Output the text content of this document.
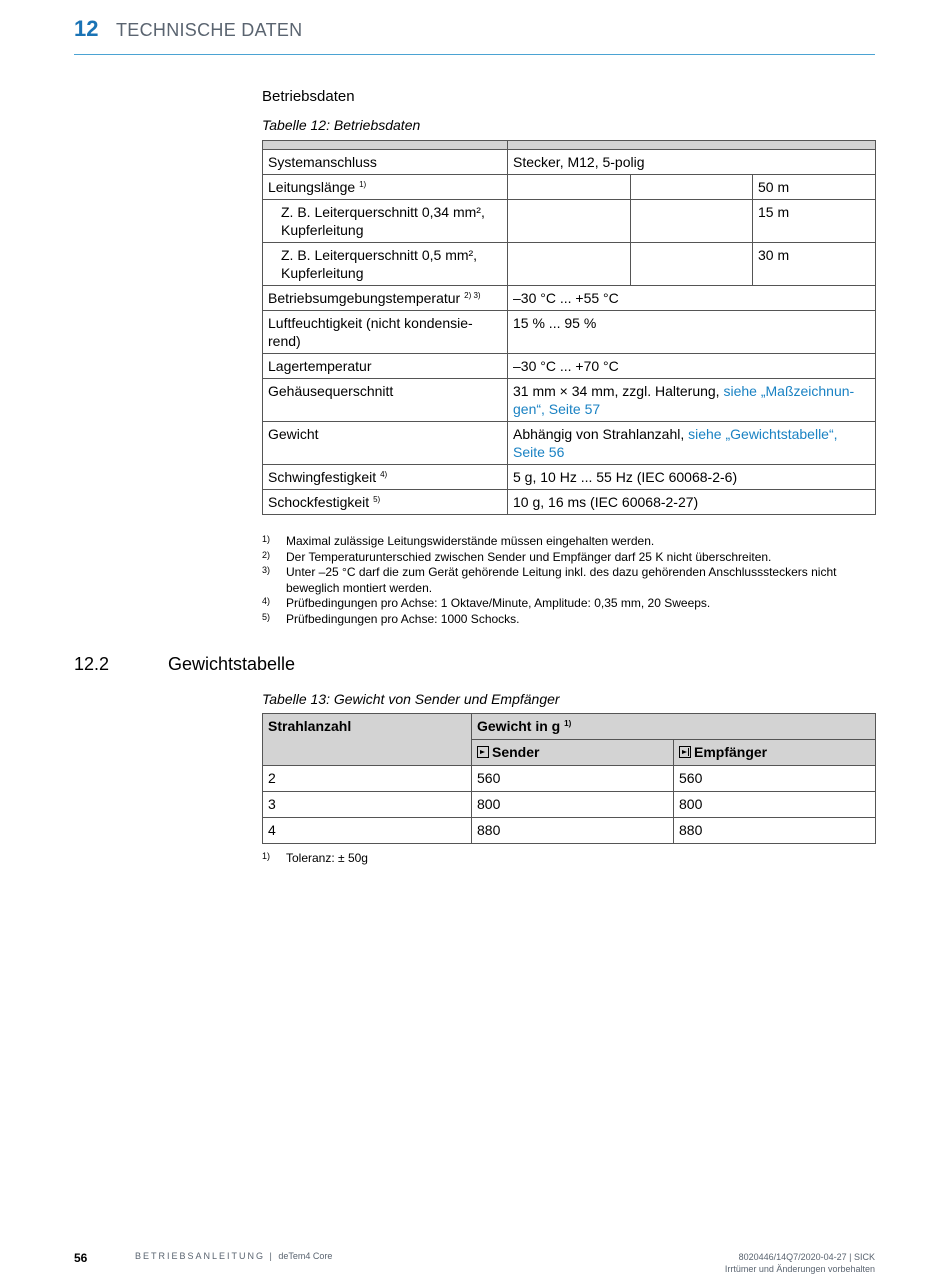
12 TECHNISCHE DATEN
Betriebsdaten
Tabelle 12: Betriebsdaten

Systemanschluss	Stecker, M12, 5-polig		
Leitungslänge $^{1)}$			50 m
Z. B. Leiterquerschnitt 0,34 mm², Kupferleitung			15 m
Z. B. Leiterquerschnitt 0,5 mm², Kupferleitung			30 m
Betriebsumgebungstemperatur $^{2) 3)}$	–30 °C ... +55 °C		
Luftfeuchtigkeit (nicht kondensie-rend)	15 % ... 95 %		
Lagertemperatur	–30 °C ... +70 °C		
Gehäusequerschnitt	31 mm × 34 mm, zzgl. Halterung, siehe „Maßzeichnun-gen“, Seite 57		
Gewicht	Abhängig von Strahlanzahl, siehe „Gewichtstabelle“, Seite 56		
Schwingfestigkeit $^{4)}$	5 g, 10 Hz ... 55 Hz (IEC 60068-2-6)		
Schockfestigkeit $^{5)}$	10 g, 16 ms (IEC 60068-2-27)		
1)	Maximal zulässige Leitungswiderstände müssen eingehalten werden.
2)	Der Temperaturunterschied zwischen Sender und Empfänger darf 25 K nicht überschreiten.
3)	Unter –25 °C darf die zum Gerät gehörende Leitung inkl. des dazu gehörenden Anschlusssteckers nicht beweglich montiert werden.
4)	Prüfbedingungen pro Achse: 1 Oktave/Minute, Amplitude: 0,35 mm, 20 Sweeps.
5)	Prüfbedingungen pro Achse: 1000 Schocks.
12.2	Gewichtstabelle
Tabelle 13: Gewicht von Sender und Empfänger
Strahlanzahl	Gewicht in g $^{1)}$
	Sender	Empfänger
2	560	560
3	800	800
4	880	880
1)	Toleranz: ± 50g
56	BETRIEBSANLEITUNG | deTem4 Core	8020446/14Q7/2020-04-27 | SICK
Irrtümer und Änderungen vorbehalten
